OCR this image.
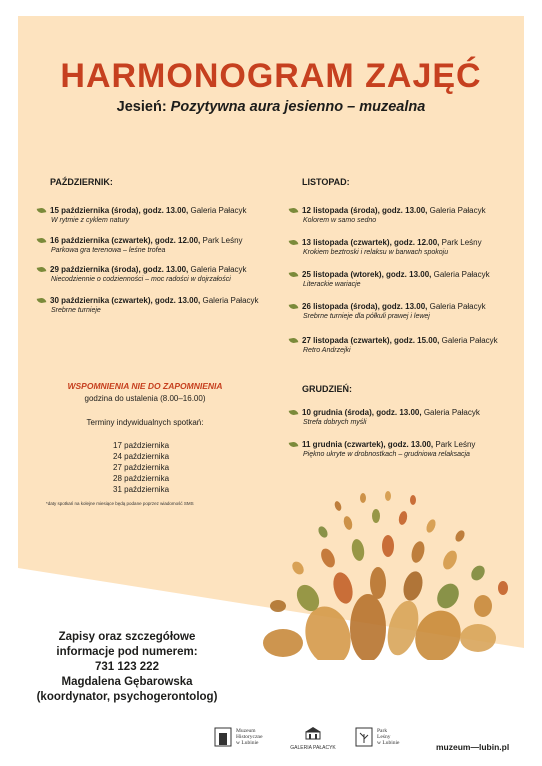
HARMONOGRAM ZAJĘĆ
Jesień: Pozytywna aura jesienno – muzealna
PAŹDZIERNIK:
15 października (środa), godz. 13.00, Galeria Pałacyk
W rytmie z cyklem natury
16 października (czwartek), godz. 12.00, Park Leśny
Parkowa gra terenowa – leśne trofea
29 października (środa), godz. 13.00, Galeria Pałacyk
Niecodziennie o codzienności – moc radości w dojrzałości
30 października (czwartek), godz. 13.00, Galeria Pałacyk
Srebrne turnieje
LISTOPAD:
12 listopada (środa), godz. 13.00, Galeria Pałacyk
Kolorem w samo sedno
13 listopada (czwartek), godz. 12.00, Park Leśny
Krokiem beztroski i relaksu w barwach spokoju
25 listopada (wtorek), godz. 13.00, Galeria Pałacyk
Literackie wariacje
26 listopada (środa), godz. 13.00, Galeria Pałacyk
Srebrne turnieje dla półkuli prawej i lewej
27 listopada (czwartek), godz. 15.00, Galeria Pałacyk
Retro Andrzejki
GRUDZIEŃ:
10 grudnia (środa), godz. 13.00, Galeria Pałacyk
Strefa dobrych myśli
11 grudnia (czwartek), godz. 13.00, Park Leśny
Piękno ukryte w drobnostkach – grudniowa relaksacja
WSPOMNIENIA NIE DO ZAPOMNIENIA
godzina do ustalenia (8.00–16.00)
Terminy indywidualnych spotkań:
17 października
24 października
27 października
28 października
31 października
*daty spotkań na kolejne miesiące będą podane poprzez wiadomość SMS
Zapisy oraz szczegółowe
informacje pod numerem:
731 123 222
Magdalena Gębarowska
(koordynator, psychogerontolog)
Muzeum
Historyczne
w Lubinie
GALERIA PAŁACYK
Park
Leśny
w Lubinie	muzeum—lubin.pl
